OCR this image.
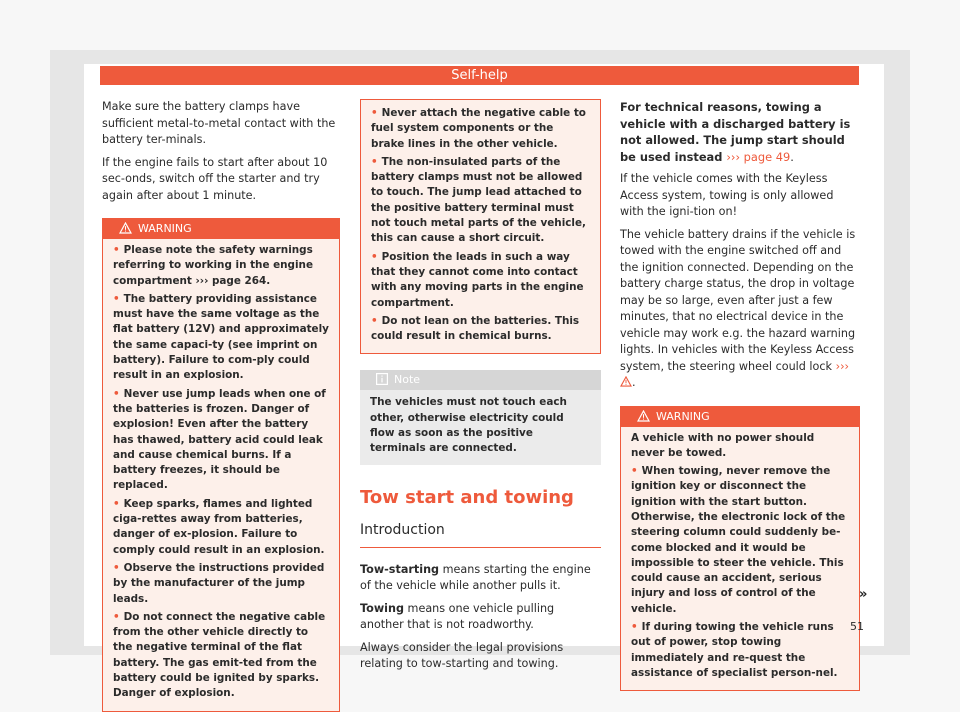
Self-help

Make sure the battery clamps have sufficient metal-to-metal contact with the battery ter-minals.

If the engine fails to start after about 10 sec-onds, switch off the starter and try again after about 1 minute.

WARNING
• Please note the safety warnings referring to working in the engine compartment ››› page 264.
• The battery providing assistance must have the same voltage as the flat battery (12V) and approximately the same capaci-ty (see imprint on battery). Failure to com-ply could result in an explosion.
• Never use jump leads when one of the batteries is frozen. Danger of explosion! Even after the battery has thawed, battery acid could leak and cause chemical burns. If a battery freezes, it should be replaced.
• Keep sparks, flames and lighted ciga-rettes away from batteries, danger of ex-plosion. Failure to comply could result in an explosion.
• Observe the instructions provided by the manufacturer of the jump leads.
• Do not connect the negative cable from the other vehicle directly to the negative terminal of the flat battery. The gas emit-ted from the battery could be ignited by sparks. Danger of explosion.
• Never attach the negative cable to fuel system components or the brake lines in the other vehicle.
• The non-insulated parts of the battery clamps must not be allowed to touch. The jump lead attached to the positive battery terminal must not touch metal parts of the vehicle, this can cause a short circuit.
• Position the leads in such a way that they cannot come into contact with any moving parts in the engine compartment.
• Do not lean on the batteries. This could result in chemical burns.
Note
The vehicles must not touch each other, otherwise electricity could flow as soon as the positive terminals are connected.
Tow start and towing
Introduction

Tow-starting means starting the engine of the vehicle while another pulls it.

Towing means one vehicle pulling another that is not roadworthy.

Always consider the legal provisions relating to tow-starting and towing.

For technical reasons, towing a vehicle with a discharged battery is not allowed. The jump start should be used instead ››› page 49.

If the vehicle comes with the Keyless Access system, towing is only allowed with the igni-tion on!

The vehicle battery drains if the vehicle is towed with the engine switched off and the ignition connected. Depending on the battery charge status, the drop in voltage may be so large, even after just a few minutes, that no electrical device in the vehicle may work e.g. the hazard warning lights. In vehicles with the Keyless Access system, the steering wheel could lock ››› .

WARNING
A vehicle with no power should never be towed.
• When towing, never remove the ignition key or disconnect the ignition with the start button. Otherwise, the electronic lock of the steering column could suddenly be-come blocked and it would be impossible to steer the vehicle. This could cause an accident, serious injury and loss of control of the vehicle.
• If during towing the vehicle runs out of power, stop towing immediately and re-quest the assistance of specialist person-nel.
»
51
